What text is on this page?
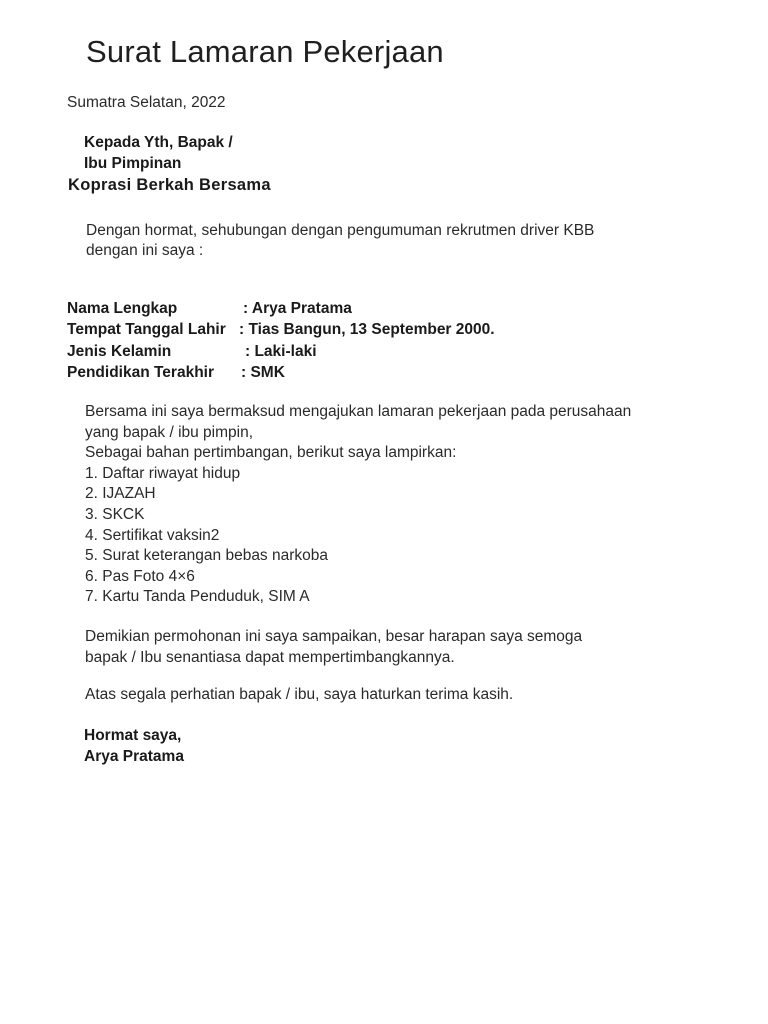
Surat Lamaran Pekerjaan
Sumatra Selatan, 2022
Kepada Yth, Bapak /
Ibu Pimpinan
Koprasi Berkah Bersama
Dengan hormat, sehubungan dengan pengumuman rekrutmen driver KBB
dengan ini saya :
Nama Lengkap	: Arya Pratama
Tempat Tanggal Lahir : Tias Bangun, 13 September 2000.
Jenis Kelamin	: Laki-laki
Pendidikan Terakhir : SMK
Bersama ini saya bermaksud mengajukan lamaran pekerjaan pada perusahaan
yang bapak / ibu pimpin,
Sebagai bahan pertimbangan, berikut saya lampirkan:
1. Daftar riwayat hidup
2. IJAZAH
3. SKCK
4. Sertifikat vaksin2
5. Surat keterangan bebas narkoba
6. Pas Foto 4×6
7. Kartu Tanda Penduduk, SIM A
Demikian permohonan ini saya sampaikan, besar harapan saya semoga
bapak / Ibu senantiasa dapat mempertimbangkannya.
Atas segala perhatian bapak / ibu, saya haturkan terima kasih.
Hormat saya,
Arya Pratama
